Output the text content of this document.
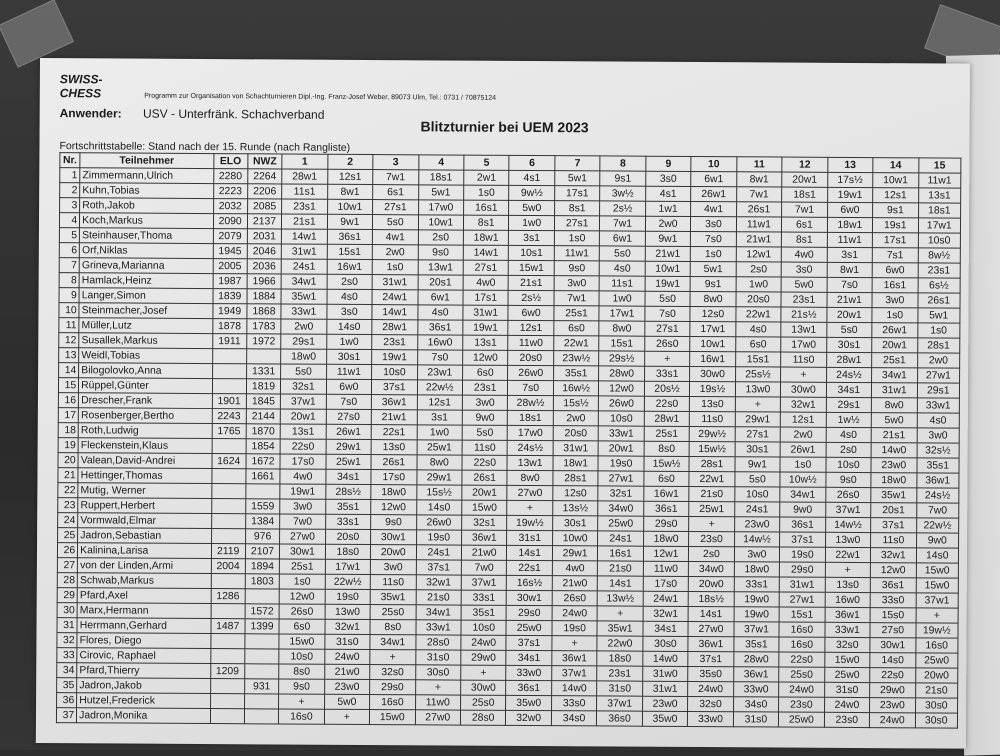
SWISS-CHESS	Programm zur Organisation von Schachturnieren Dipl.-Ing. Franz-Josef Weber, 89073 Ulm, Tel.: 0731 / 70875124
Anwender: USV - Unterfränk. Schachverband
Blitzturnier bei UEM 2023
Fortschrittstabelle: Stand nach der 15. Runde (nach Rangliste)
Nr.	Teilnehmer	ELO	NWZ	1	2	3	4	5	6	7	8	9	10	11	12	13	14	15
1	Zimmermann,Ulrich	2280	2264	28w1	12s1	7w1	18s1	2w1	4s1	5w1	9s1	3s0	6w1	8w1	20w1	17s½	10w1	11w1
2	Kuhn,Tobias	2223	2206	11s1	8w1	6s1	5w1	1s0	9w½	17s1	3w½	4s1	26w1	7w1	18s1	19w1	12s1	13s1
3	Roth,Jakob	2032	2085	23s1	10w1	27s1	17w0	16s1	5w0	8s1	2s½	1w1	4w1	26s1	7w1	6w0	9s1	18s1
4	Koch,Markus	2090	2137	21s1	9w1	5s0	10w1	8s1	1w0	27s1	7w1	2w0	3s0	11w1	6s1	18w1	19s1	17w1
5	Steinhauser,Thoma	2079	2031	14w1	36s1	4w1	2s0	18w1	3s1	1s0	6w1	9w1	7s0	21w1	8s1	11w1	17s1	10s0
6	Orf,Niklas	1945	2046	31w1	15s1	2w0	9s0	14w1	10s1	11w1	5s0	21w1	1s0	12w1	4w0	3s1	7s1	8w½
7	Grineva,Marianna	2005	2036	24s1	16w1	1s0	13w1	27s1	15w1	9s0	4s0	10w1	5w1	2s0	3s0	8w1	6w0	23s1
8	Hamlack,Heinz	1987	1966	34w1	2s0	31w1	20s1	4w0	21s1	3w0	11s1	19w1	9s1	1w0	5w0	7s0	16s1	6s½
9	Langer,Simon	1839	1884	35w1	4s0	24w1	6w1	17s1	2s½	7w1	1w0	5s0	8w0	20s0	23s1	21w1	3w0	26s1
10	Steinmacher,Josef	1949	1868	33w1	3s0	14w1	4s0	31w1	6w0	25s1	17w1	7s0	12s0	22w1	21s½	20w1	1s0	5w1
11	Müller,Lutz	1878	1783	2w0	14s0	28w1	36s1	19w1	12s1	6s0	8w0	27s1	17w1	4s0	13w1	5s0	26w1	1s0
12	Susallek,Markus	1911	1972	29s1	1w0	23s1	16w0	13s1	11w0	22w1	15s1	26s0	10w1	6s0	17w0	30s1	20w1	28s1
13	Weidl,Tobias			18w0	30s1	19w1	7s0	12w0	20s0	23w½	29s½	+	16w1	15s1	11s0	28w1	25s1	2w0
14	Bilogolovko,Anna		1331	5s0	11w1	10s0	23w1	6s0	26w0	35s1	28w0	33s1	30w0	25s½	+	24s½	34w1	27w1
15	Rüppel,Günter		1819	32s1	6w0	37s1	22w½	23s1	7s0	16w½	12w0	20s½	19s½	13w0	30w0	34s1	31w1	29s1
16	Drescher,Frank	1901	1845	37w1	7s0	36w1	12s1	3w0	28w½	15s½	26w0	22s0	13s0	+	32w1	29s1	8w0	33w1
17	Rosenberger,Bertho	2243	2144	20w1	27s0	21w1	3s1	9w0	18s1	2w0	10s0	28w1	11s0	29w1	12s1	1w½	5w0	4s0
18	Roth,Ludwig	1765	1870	13s1	26w1	22s1	1w0	5s0	17w0	20s0	33w1	25s1	29w½	27s1	2w0	4s0	21s1	3w0
19	Fleckenstein,Klaus		1854	22s0	29w1	13s0	25w1	11s0	24s½	31w1	20w1	8s0	15w½	30s1	26w1	2s0	14w0	32s½
20	Valean,David-Andrei	1624	1672	17s0	25w1	26s1	8w0	22s0	13w1	18w1	19s0	15w½	28s1	9w1	1s0	10s0	23w0	35s1
21	Hettinger,Thomas		1661	4w0	34s1	17s0	29w1	26s1	8w0	28s1	27w1	6s0	22w1	5s0	10w½	9s0	18w0	36w1
22	Mutig, Werner			19w1	28s½	18w0	15s½	20w1	27w0	12s0	32s1	16w1	21s0	10s0	34w1	26s0	35w1	24s½
23	Ruppert,Herbert		1559	3w0	35s1	12w0	14s0	15w0	+	13s½	34w0	36s1	25w1	24s1	9w0	37w1	20s1	7w0
24	Vormwald,Elmar		1384	7w0	33s1	9s0	26w0	32s1	19w½	30s1	25w0	29s0	+	23w0	36s1	14w½	37s1	22w½
25	Jadron,Sebastian		976	27w0	20s0	30w1	19s0	36w1	31s1	10w0	24s1	18w0	23s0	14w½	37s1	13w0	11s0	9w0
26	Kalinina,Larisa	2119	2107	30w1	18s0	20w0	24s1	21w0	14s1	29w1	16s1	12w1	2s0	3w0	19s0	22w1	32w1	14s0
27	von der Linden,Armi	2004	1894	25s1	17w1	3w0	37s1	7w0	22s1	4w0	21s0	11w0	34w0	18w0	29s0	+	12w0	15w0
28	Schwab,Markus		1803	1s0	22w½	11s0	32w1	37w1	16s½	21w0	14s1	17s0	20w0	33s1	31w1	13s0	36s1	15w0
29	Pfard,Axel	1286		12w0	19s0	35w1	21s0	33s1	30w1	26s0	13w½	24w1	18s½	19w0	27w1	16w0	33s0	37w1
30	Marx,Hermann		1572	26s0	13w0	25s0	34w1	35s1	29s0	24w0	+	32w1	14s1	19w0	15s1	36w1	15s0	+
31	Herrmann,Gerhard	1487	1399	6s0	32w1	8s0	33w1	10s0	25w0	19s0	35w1	34s1	27w0	37w1	16s0	33w1	27s0	19w½
32	Flores, Diego			15w0	31s0	34w1	28s0	24w0	37s1	+	22w0	30s0	36w1	35s1	16s0	32s0	30w1	16s0
33	Cirovic, Raphael			10s0	24w0	+	31s0	29w0	34s1	36w1	18s0	14w0	37s1	28w0	22s0	15w0	14s0	25w0
34	Pfard,Thierry	1209		8s0	21w0	32s0	30s0	+	33w0	37w1	23s1	31w0	35s0	36w1	25s0	25w0	22s0	20w0
35	Jadron,Jakob		931	9s0	23w0	29s0	+	30w0	36s1	14w0	31s0	31w1	24w0	33w0	24w0	31s0	29w0	21s0
36	Hutzel,Frederick			+	5w0	16s0	11w0	25s0	35w0	33s0	37w1	23w0	32s0	34s0	23s0	24w0	23w0	30s0
37	Jadron,Monika			16s0	+	15w0	27w0	28s0	32w0	34s0	36s0	35w0	33w0	31s0	25w0	23s0	24w0	30s0
